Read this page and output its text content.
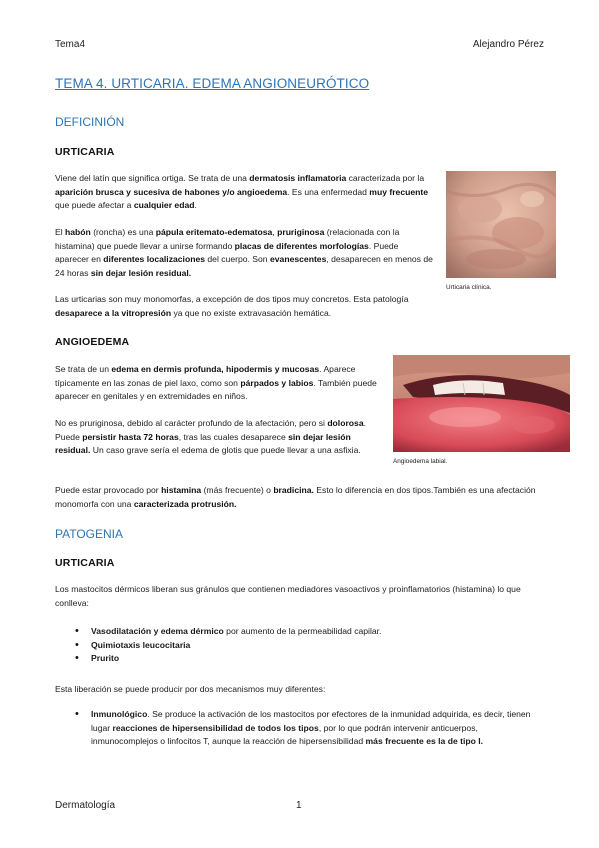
Tema4	Alejandro Pérez
TEMA 4. URTICARIA. EDEMA ANGIONEURÓTICO
DEFICINIÓN
URTICARIA
Viene del latín que significa ortiga. Se trata de una dermatosis inflamatoria caracterizada por la aparición brusca y sucesiva de habones y/o angioedema. Es una enfermedad muy frecuente que puede afectar a cualquier edad.
El habón (roncha) es una pápula eritemato-edematosa, pruriginosa (relacionada con la histamina) que puede llevar a unirse formando placas de diferentes morfologías. Puede aparecer en diferentes localizaciones del cuerpo. Son evanescentes, desaparecen en menos de 24 horas sin dejar lesión residual.
Las urticarias son muy monomorfas, a excepción de dos tipos muy concretos. Esta patología desaparece a la vitropresión ya que no existe extravasación hemática.
Urticaria clínica.
ANGIOEDEMA
Se trata de un edema en dermis profunda, hipodermis y mucosas. Aparece típicamente en las zonas de piel laxo, como son párpados y labios. También puede aparecer en genitales y en extremidades en niños.
No es pruriginosa, debido al carácter profundo de la afectación, pero si dolorosa. Puede persistir hasta 72 horas, tras las cuales desaparece sin dejar lesión residual. Un caso grave sería el edema de glotis que puede llevar a una asfixia.
Angioedema labial.
Puede estar provocado por histamina (más frecuente) o bradicina. Esto lo diferencia en dos tipos.También es una afectación monomorfa con una caracterizada protrusión.
PATOGENIA
URTICARIA
Los mastocitos dérmicos liberan sus gránulos que contienen mediadores vasoactivos y proinflamatorios (histamina) lo que conlleva:
• Vasodilatación y edema dérmico por aumento de la permeabilidad capilar.
• Quimiotaxis leucocitaria
• Prurito
Esta liberación se puede producir por dos mecanismos muy diferentes:
• Inmunológico. Se produce la activación de los mastocitos por efectores de la inmunidad adquirida, es decir, tienen lugar reacciones de hipersensibilidad de todos los tipos, por lo que podrán intervenir anticuerpos, inmunocomplejos o linfocitos T, aunque la reacción de hipersensibilidad más frecuente es la de tipo I.
Dermatología	1
